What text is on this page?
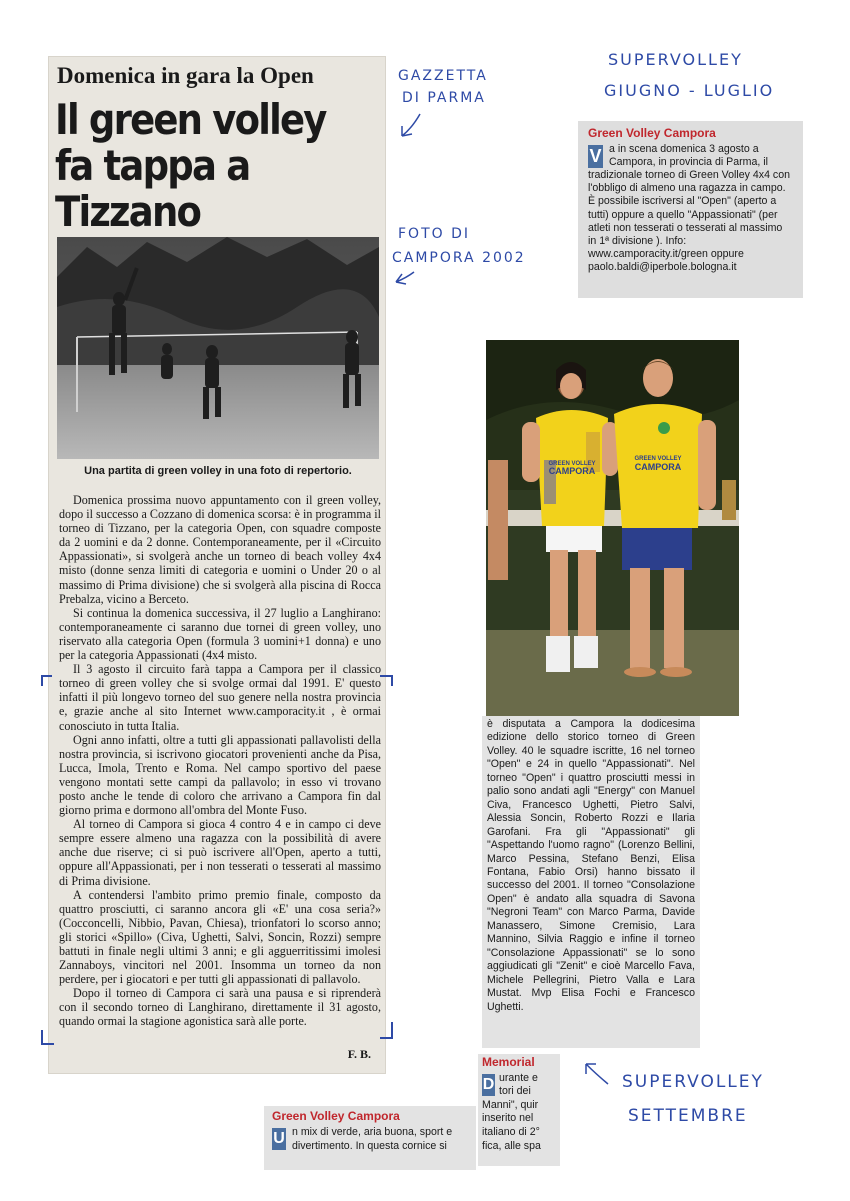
Domenica in gara la Open
Il green volley
fa tappa a Tizzano
Una partita di green volley in una foto di repertorio.

Domenica prossima nuovo appuntamento con il green volley, dopo il successo a Cozzano di domenica scorsa: è in programma il torneo di Tizzano, per la categoria Open, con squadre composte da 2 uomini e da 2 donne. Contemporaneamente, per il «Circuito Appassionati», si svolgerà anche un torneo di beach volley 4x4 misto (donne senza limiti di categoria e uomini o Under 20 o al massimo di Prima divisione) che si svolgerà alla piscina di Rocca Prebalza, vicino a Berceto.

Si continua la domenica successiva, il 27 luglio a Langhirano: contemporaneamente ci saranno due tornei di green volley, uno riservato alla categoria Open (formula 3 uomini+1 donna) e uno per la categoria Appassionati (4x4 misto.

Il 3 agosto il circuito farà tappa a Campora per il classico torneo di green volley che si svolge ormai dal 1991. E' questo infatti il più longevo torneo del suo genere nella nostra provincia e, grazie anche al sito Internet www.camporacity.it , è ormai conosciuto in tutta Italia.

Ogni anno infatti, oltre a tutti gli appassionati pallavolisti della nostra provincia, si iscrivono giocatori provenienti anche da Pisa, Lucca, Imola, Trento e Roma. Nel campo sportivo del paese vengono montati sette campi da pallavolo; in esso vi trovano posto anche le tende di coloro che arrivano a Campora fin dal giorno prima e dormono all'ombra del Monte Fuso.

Al torneo di Campora si gioca 4 contro 4 e in campo ci deve sempre essere almeno una ragazza con la possibilità di avere anche due riserve; ci si può iscrivere all'Open, aperto a tutti, oppure all'Appassionati, per i non tesserati o tesserati al massimo di Prima divisione.

A contendersi l'ambito primo premio finale, composto da quattro prosciutti, ci saranno ancora gli «E' una cosa seria?» (Cocconcelli, Nibbio, Pavan, Chiesa), trionfatori lo scorso anno; gli storici «Spillo» (Civa, Ughetti, Salvi, Soncin, Rozzi) sempre battuti in finale negli ultimi 3 anni; e gli agguerritissimi imolesi Zannaboys, vincitori nel 2001. Insomma un torneo da non perdere, per i giocatori e per tutti gli appassionati di pallavolo.

Dopo il torneo di Campora ci sarà una pausa e si riprenderà con il secondo torneo di Langhirano, direttamente il 31 agosto, quando ormai la stagione agonistica sarà alle porte.

F. B.
GAZZETTA
DI PARMA
FOTO DI
CAMPORA 2002
SUPERVOLLEY
GIUGNO - LUGLIO
SUPERVOLLEY
SETTEMBRE
Green Volley Campora
V a in scena domenica 3 agosto a Campora, in provincia di Parma, il tradizionale torneo di Green Volley 4x4 con l'obbligo di almeno una ragazza in campo. È possibile iscriversi al "Open" (aperto a tutti) oppure a quello "Appassionati" (per atleti non tesserati o tesserati al massimo in 1ª divisione ). Info: www.camporacity.it/green oppure paolo.baldi@iperbole.bologna.it
GREEN VOLLEY
CAMPORA
GREEN VOLLEY
CAMPORA
è disputata a Campora la dodicesima edizione dello storico torneo di Green Volley. 40 le squadre iscritte, 16 nel torneo "Open" e 24 in quello "Appassionati". Nel torneo "Open" i quattro prosciutti messi in palio sono andati agli "Energy" con Manuel Civa, Francesco Ughetti, Pietro Salvi, Alessia Soncin, Roberto Rozzi e Ilaria Garofani. Fra gli "Appassionati" gli "Aspettando l'uomo ragno" (Lorenzo Bellini, Marco Pessina, Stefano Benzi, Elisa Fontana, Fabio Orsi) hanno bissato il successo del 2001. Il torneo "Consolazione Open" è andato alla squadra di Savona "Negroni Team" con Marco Parma, Davide Manassero, Simone Cremisio, Lara Mannino, Silvia Raggio e infine il torneo "Consolazione Appassionati" se lo sono aggiudicati gli "Zenit" e cioè Marcello Fava, Michele Pellegrini, Pietro Valla e Lara Mustat. Mvp Elisa Fochi e Francesco Ughetti.
Memorial
D urante e
tori dei
Manni", quir
inserito nel
italiano di 2°
fica, alle spa
Green Volley Campora
U n mix di verde, aria buona, sport e divertimento. In questa cornice si
